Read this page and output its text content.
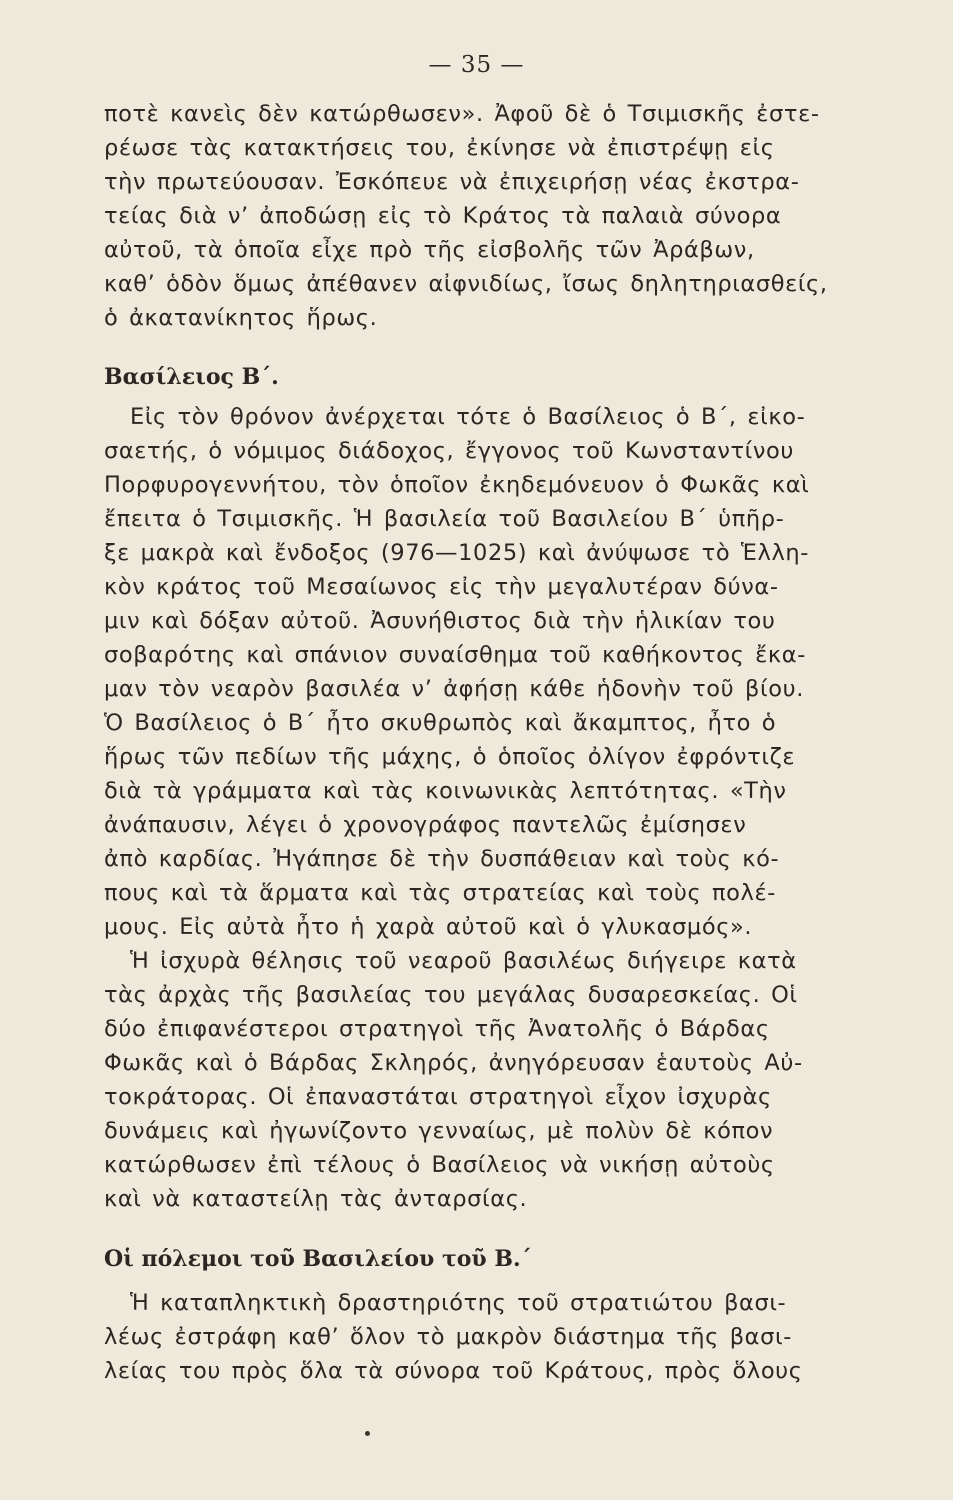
— 35 —
ποτὲ κανεὶς δὲν κατώρθωσεν». Ἀφοῦ δὲ ὁ Τσιμισκῆς ἐστε-
ρέωσε τὰς κατακτήσεις του, ἐκίνησε νὰ ἐπιστρέψῃ εἰς
τὴν πρωτεύουσαν. Ἐσκόπευε νὰ ἐπιχειρήσῃ νέας ἐκστρα-
τείας διὰ ν’ ἀποδώσῃ εἰς τὸ Κράτος τὰ παλαιὰ σύνορα
αὐτοῦ, τὰ ὁποῖα εἶχε πρὸ τῆς εἰσβολῆς τῶν Ἀράβων,
καθ’ ὁδὸν ὅμως ἀπέθανεν αἰφνιδίως, ἴσως δηλητηριασθείς,
ὁ ἀκατανίκητος ἥρως.
Βασίλειος Β΄.
Εἰς τὸν θρόνον ἀνέρχεται τότε ὁ Βασίλειος ὁ Β΄, εἰκο-
σαετής, ὁ νόμιμος διάδοχος, ἔγγονος τοῦ Κωνσταντίνου
Πορφυρογεννήτου, τὸν ὁποῖον ἐκηδεμόνευον ὁ Φωκᾶς καὶ
ἔπειτα ὁ Τσιμισκῆς. Ἡ βασιλεία τοῦ Βασιλείου Β΄ ὑπῆρ-
ξε μακρὰ καὶ ἔνδοξος (976—1025) καὶ ἀνύψωσε τὸ Ἑλλη-
κὸν κράτος τοῦ Μεσαίωνος εἰς τὴν μεγαλυτέραν δύνα-
μιν καὶ δόξαν αὐτοῦ. Ἀσυνήθιστος διὰ τὴν ἡλικίαν του
σοβαρότης καὶ σπάνιον συναίσθημα τοῦ καθήκοντος ἔκα-
μαν τὸν νεαρὸν βασιλέα ν’ ἀφήσῃ κάθε ἡδονὴν τοῦ βίου.
Ὁ Βασίλειος ὁ Β΄ ἦτο σκυθρωπὸς καὶ ἄκαμπτος, ἦτο ὁ
ἥρως τῶν πεδίων τῆς μάχης, ὁ ὁποῖος ὀλίγον ἐφρόντιζε
διὰ τὰ γράμματα καὶ τὰς κοινωνικὰς λεπτότητας. «Τὴν
ἀνάπαυσιν, λέγει ὁ χρονογράφος παντελῶς ἐμίσησεν
ἀπὸ καρδίας. Ἠγάπησε δὲ τὴν δυσπάθειαν καὶ τοὺς κό-
πους καὶ τὰ ἅρματα καὶ τὰς στρατείας καὶ τοὺς πολέ-
μους. Εἰς αὐτὰ ἦτο ἡ χαρὰ αὐτοῦ καὶ ὁ γλυκασμός».
Ἡ ἰσχυρὰ θέλησις τοῦ νεαροῦ βασιλέως διήγειρε κατὰ
τὰς ἀρχὰς τῆς βασιλείας του μεγάλας δυσαρεσκείας. Οἱ
δύο ἐπιφανέστεροι στρατηγοὶ τῆς Ἀνατολῆς ὁ Βάρδας
Φωκᾶς καὶ ὁ Βάρδας Σκληρός, ἀνηγόρευσαν ἑαυτοὺς Αὐ-
τοκράτορας. Οἱ ἐπαναστάται στρατηγοὶ εἶχον ἰσχυρὰς
δυνάμεις καὶ ἠγωνίζοντο γενναίως, μὲ πολὺν δὲ κόπον
κατώρθωσεν ἐπὶ τέλους ὁ Βασίλειος νὰ νικήσῃ αὐτοὺς
καὶ νὰ καταστείλῃ τὰς ἀνταρσίας.
Οἱ πόλεμοι τοῦ Βασιλείου τοῦ Β.΄
Ἡ καταπληκτικὴ δραστηριότης τοῦ στρατιώτου βασι-
λέως ἐστράφη καθ’ ὅλον τὸ μακρὸν διάστημα τῆς βασι-
λείας του πρὸς ὅλα τὰ σύνορα τοῦ Κράτους, πρὸς ὅλους
